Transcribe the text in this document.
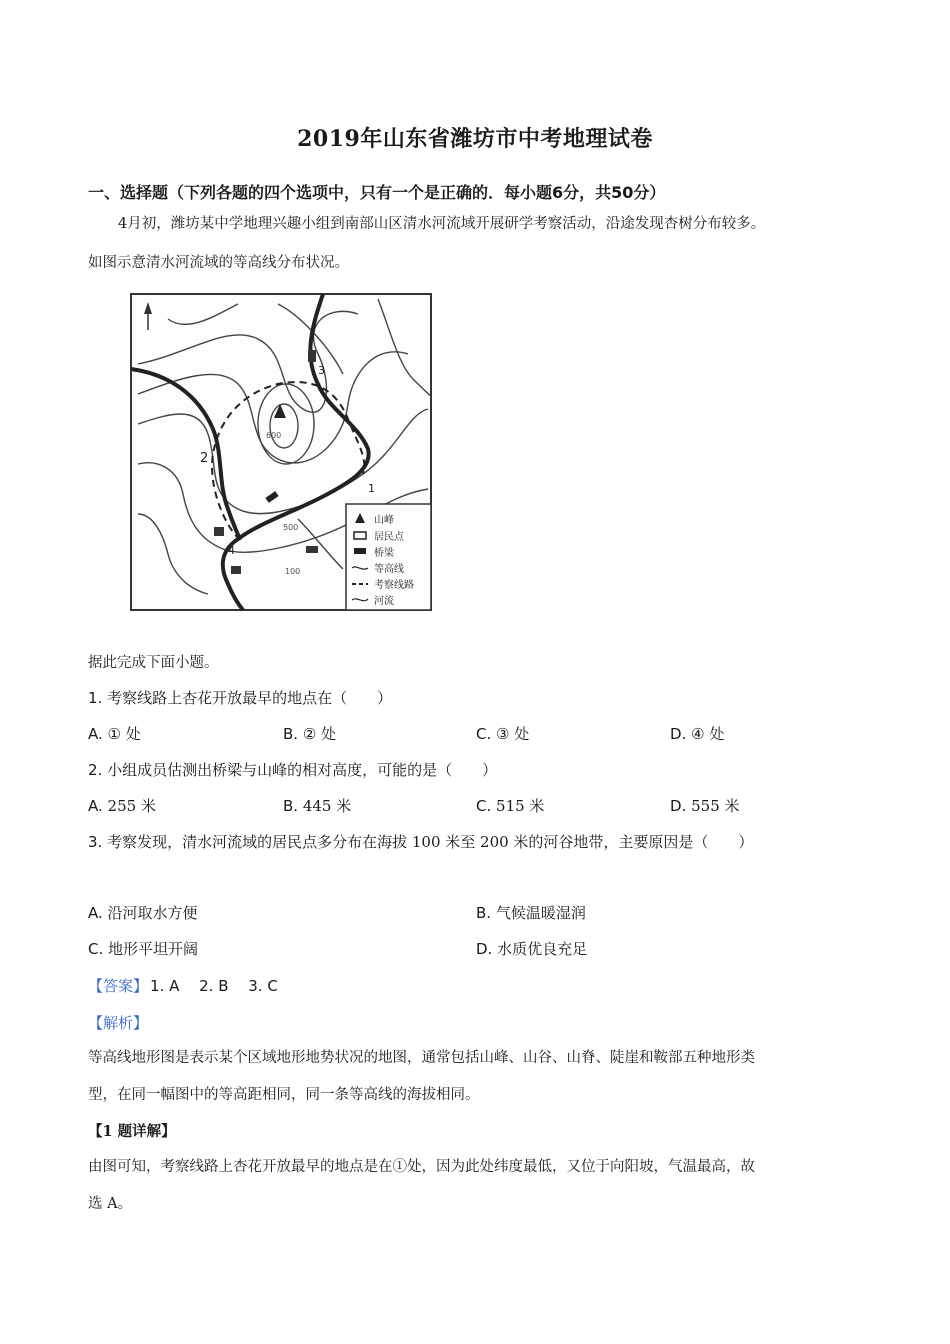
2019年山东省潍坊市中考地理试卷
一、选择题（下列各题的四个选项中，只有一个是正确的．每小题6分，共50分）
4月初，潍坊某中学地理兴趣小组到南部山区清水河流域开展研学考察活动，沿途发现杏树分布较多。
如图示意清水河流域的等高线分布状况。
2
3
1
4
600
500
100
山峰
居民点
桥梁
等高线
考察线路
河流
据此完成下面小题。
1. 考察线路上杏花开放最早的地点在（　　）
A. ① 处	B. ② 处	C. ③ 处	D. ④ 处
2. 小组成员估测出桥梁与山峰的相对高度，可能的是（　　）
A. 255 米	B. 445 米	C. 515 米	D. 555 米
3. 考察发现，清水河流域的居民点多分布在海拔 100 米至 200 米的河谷地带，主要原因是（　　）
A. 沿河取水方便	B. 气候温暖湿润
C. 地形平坦开阔	D. 水质优良充足
【答案】 1. A　 2. B　 3. C
【解析】
等高线地形图是表示某个区域地形地势状况的地图，通常包括山峰、山谷、山脊、陡崖和鞍部五种地形类
型，在同一幅图中的等高距相同，同一条等高线的海拔相同。
【1 题详解】
由图可知，考察线路上杏花开放最早的地点是在①处，因为此处纬度最低，又位于向阳坡，气温最高，故
选 A。
